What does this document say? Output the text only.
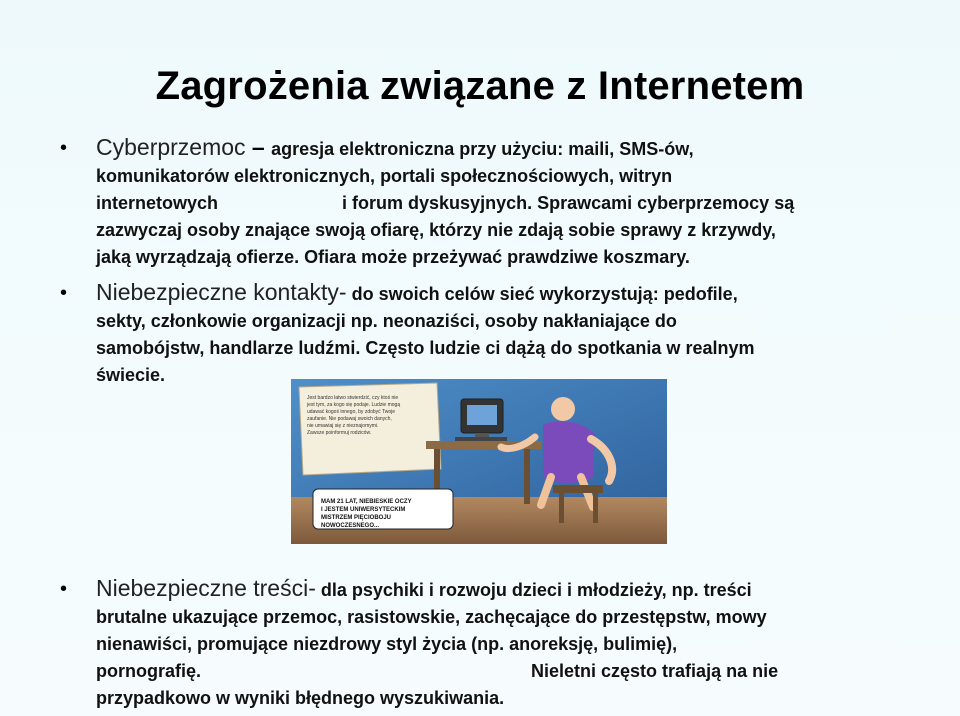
Zagrożenia związane z Internetem
• Cyberprzemoc – agresja elektroniczna przy użyciu: maili, SMS-ów,
komunikatorów elektronicznych, portali społecznościowych, witryn
internetowych	i forum dyskusyjnych. Sprawcami cyberprzemocy są
zazwyczaj osoby znające swoją ofiarę, którzy nie zdają sobie sprawy z krzywdy,
jaką wyrządzają ofierze. Ofiara może przeżywać prawdziwe koszmary.
• Niebezpieczne kontakty- do swoich celów sieć wykorzystują: pedofile,
sekty, członkowie organizacji np. neonaziści, osoby nakłaniające do
samobójstw, handlarze ludźmi. Często ludzie ci dążą do spotkania w realnym
świecie.
Jest bardzo łatwo stwierdzić, czy ktoś nie jest tym, za kogo się podaje. Ludzie mogą udawać kogoś innego, by zdobyć Twoje zaufanie. Nie podawaj swoich danych, nie umawiaj się z nieznajomymi. Zawsze poinformuj rodziców.
MAM 21 LAT, NIEBIESKIE OCZY I JESTEM UNIWERSYTECKIM MISTRZEM PIĘCIOBOJU NOWOCZESNEGO...
• Niebezpieczne treści- dla psychiki i rozwoju dzieci i młodzieży, np. treści
brutalne ukazujące przemoc, rasistowskie, zachęcające do przestępstw, mowy
nienawiści, promujące niezdrowy styl życia (np. anoreksję, bulimię),
pornografię.	Nieletni często trafiają na nie
przypadkowo w wyniki błędnego wyszukiwania.
